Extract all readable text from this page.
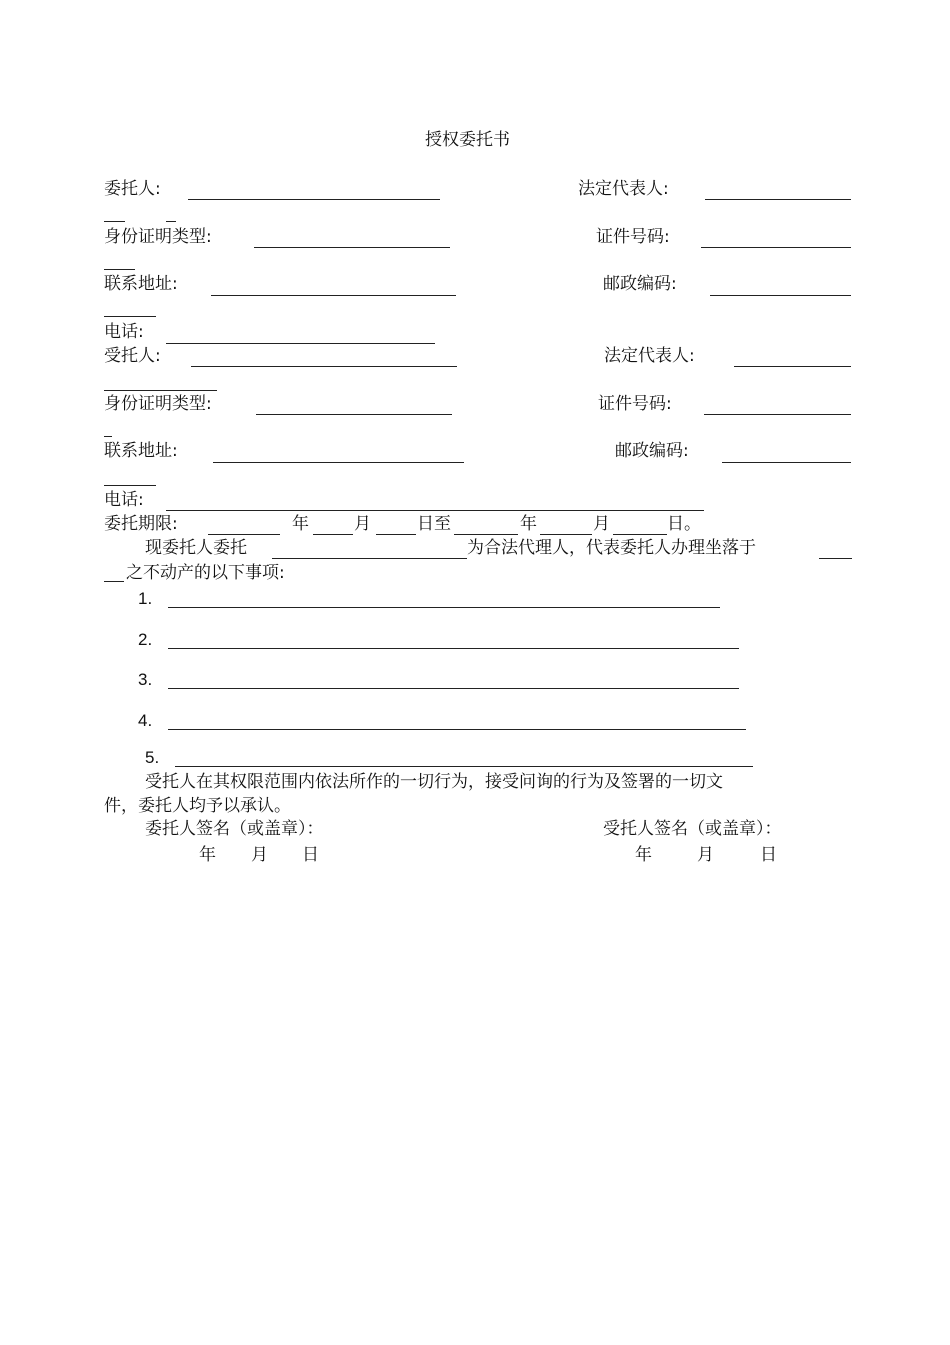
授权委托书
委托人:	法定代表人:
身份证明类型:	证件号码:
联系地址:	邮政编码:
电话:
受托人:	法定代表人:
身份证明类型:	证件号码:
联系地址:	邮政编码:
电话:
委托期限:	年	月	日至	年	月	日。
现委托人委托	为合法代理人，代表委托人办理坐落于
之不动产的以下事项:
1.
2.
3.
4.
5.
受托人在其权限范围内依法所作的一切行为，接受问询的行为及签署的一切文
件，委托人均予以承认。
委托人签名（或盖章）：	受托人签名（或盖章）：
年 月 日	年	月	日
